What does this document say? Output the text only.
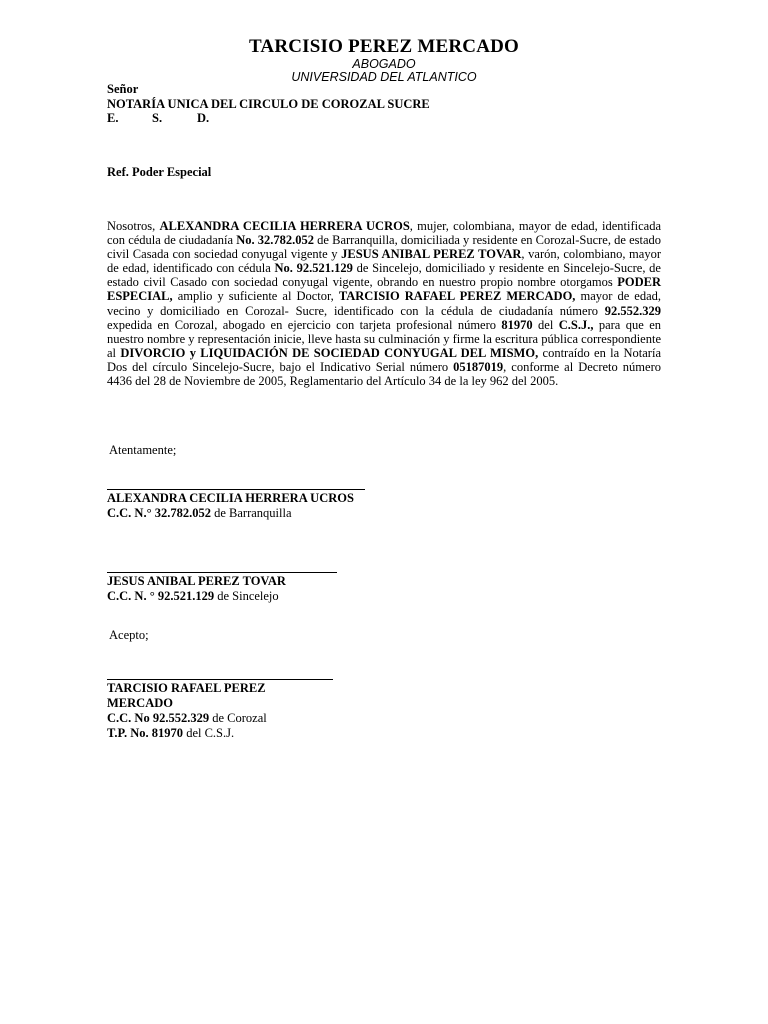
TARCISIO PEREZ MERCADO
ABOGADO
UNIVERSIDAD DEL ATLANTICO
Señor
NOTARÍA UNICA DEL CIRCULO DE COROZAL SUCRE
E.	S.	D.
Ref. Poder Especial
Nosotros, ALEXANDRA CECILIA HERRERA UCROS, mujer, colombiana, mayor de edad, identificada con cédula de ciudadanía No. 32.782.052 de Barranquilla, domiciliada y residente en Corozal-Sucre, de estado civil Casada con sociedad conyugal vigente y JESUS ANIBAL PEREZ TOVAR, varón, colombiano, mayor de edad, identificado con cédula No. 92.521.129 de Sincelejo, domiciliado y residente en Sincelejo-Sucre, de estado civil Casado con sociedad conyugal vigente, obrando en nuestro propio nombre otorgamos PODER ESPECIAL, amplio y suficiente al Doctor, TARCISIO RAFAEL PEREZ MERCADO, mayor de edad, vecino y domiciliado en Corozal- Sucre, identificado con la cédula de ciudadanía número 92.552.329 expedida en Corozal, abogado en ejercicio con tarjeta profesional número 81970 del C.S.J., para que en nuestro nombre y representación inicie, lleve hasta su culminación y firme la escritura pública correspondiente al DIVORCIO y LIQUIDACIÓN DE SOCIEDAD CONYUGAL DEL MISMO, contraído en la Notaría Dos del círculo Sincelejo-Sucre, bajo el Indicativo Serial número 05187019, conforme al Decreto número 4436 del 28 de Noviembre de 2005, Reglamentario del Artículo 34 de la ley 962 del 2005.
Atentamente;
ALEXANDRA CECILIA HERRERA UCROS
C.C. N.° 32.782.052 de Barranquilla
JESUS ANIBAL PEREZ TOVAR
C.C. N. ° 92.521.129 de Sincelejo
Acepto;
TARCISIO RAFAEL PEREZ MERCADO
C.C. No 92.552.329 de Corozal
T.P. No. 81970 del C.S.J.
